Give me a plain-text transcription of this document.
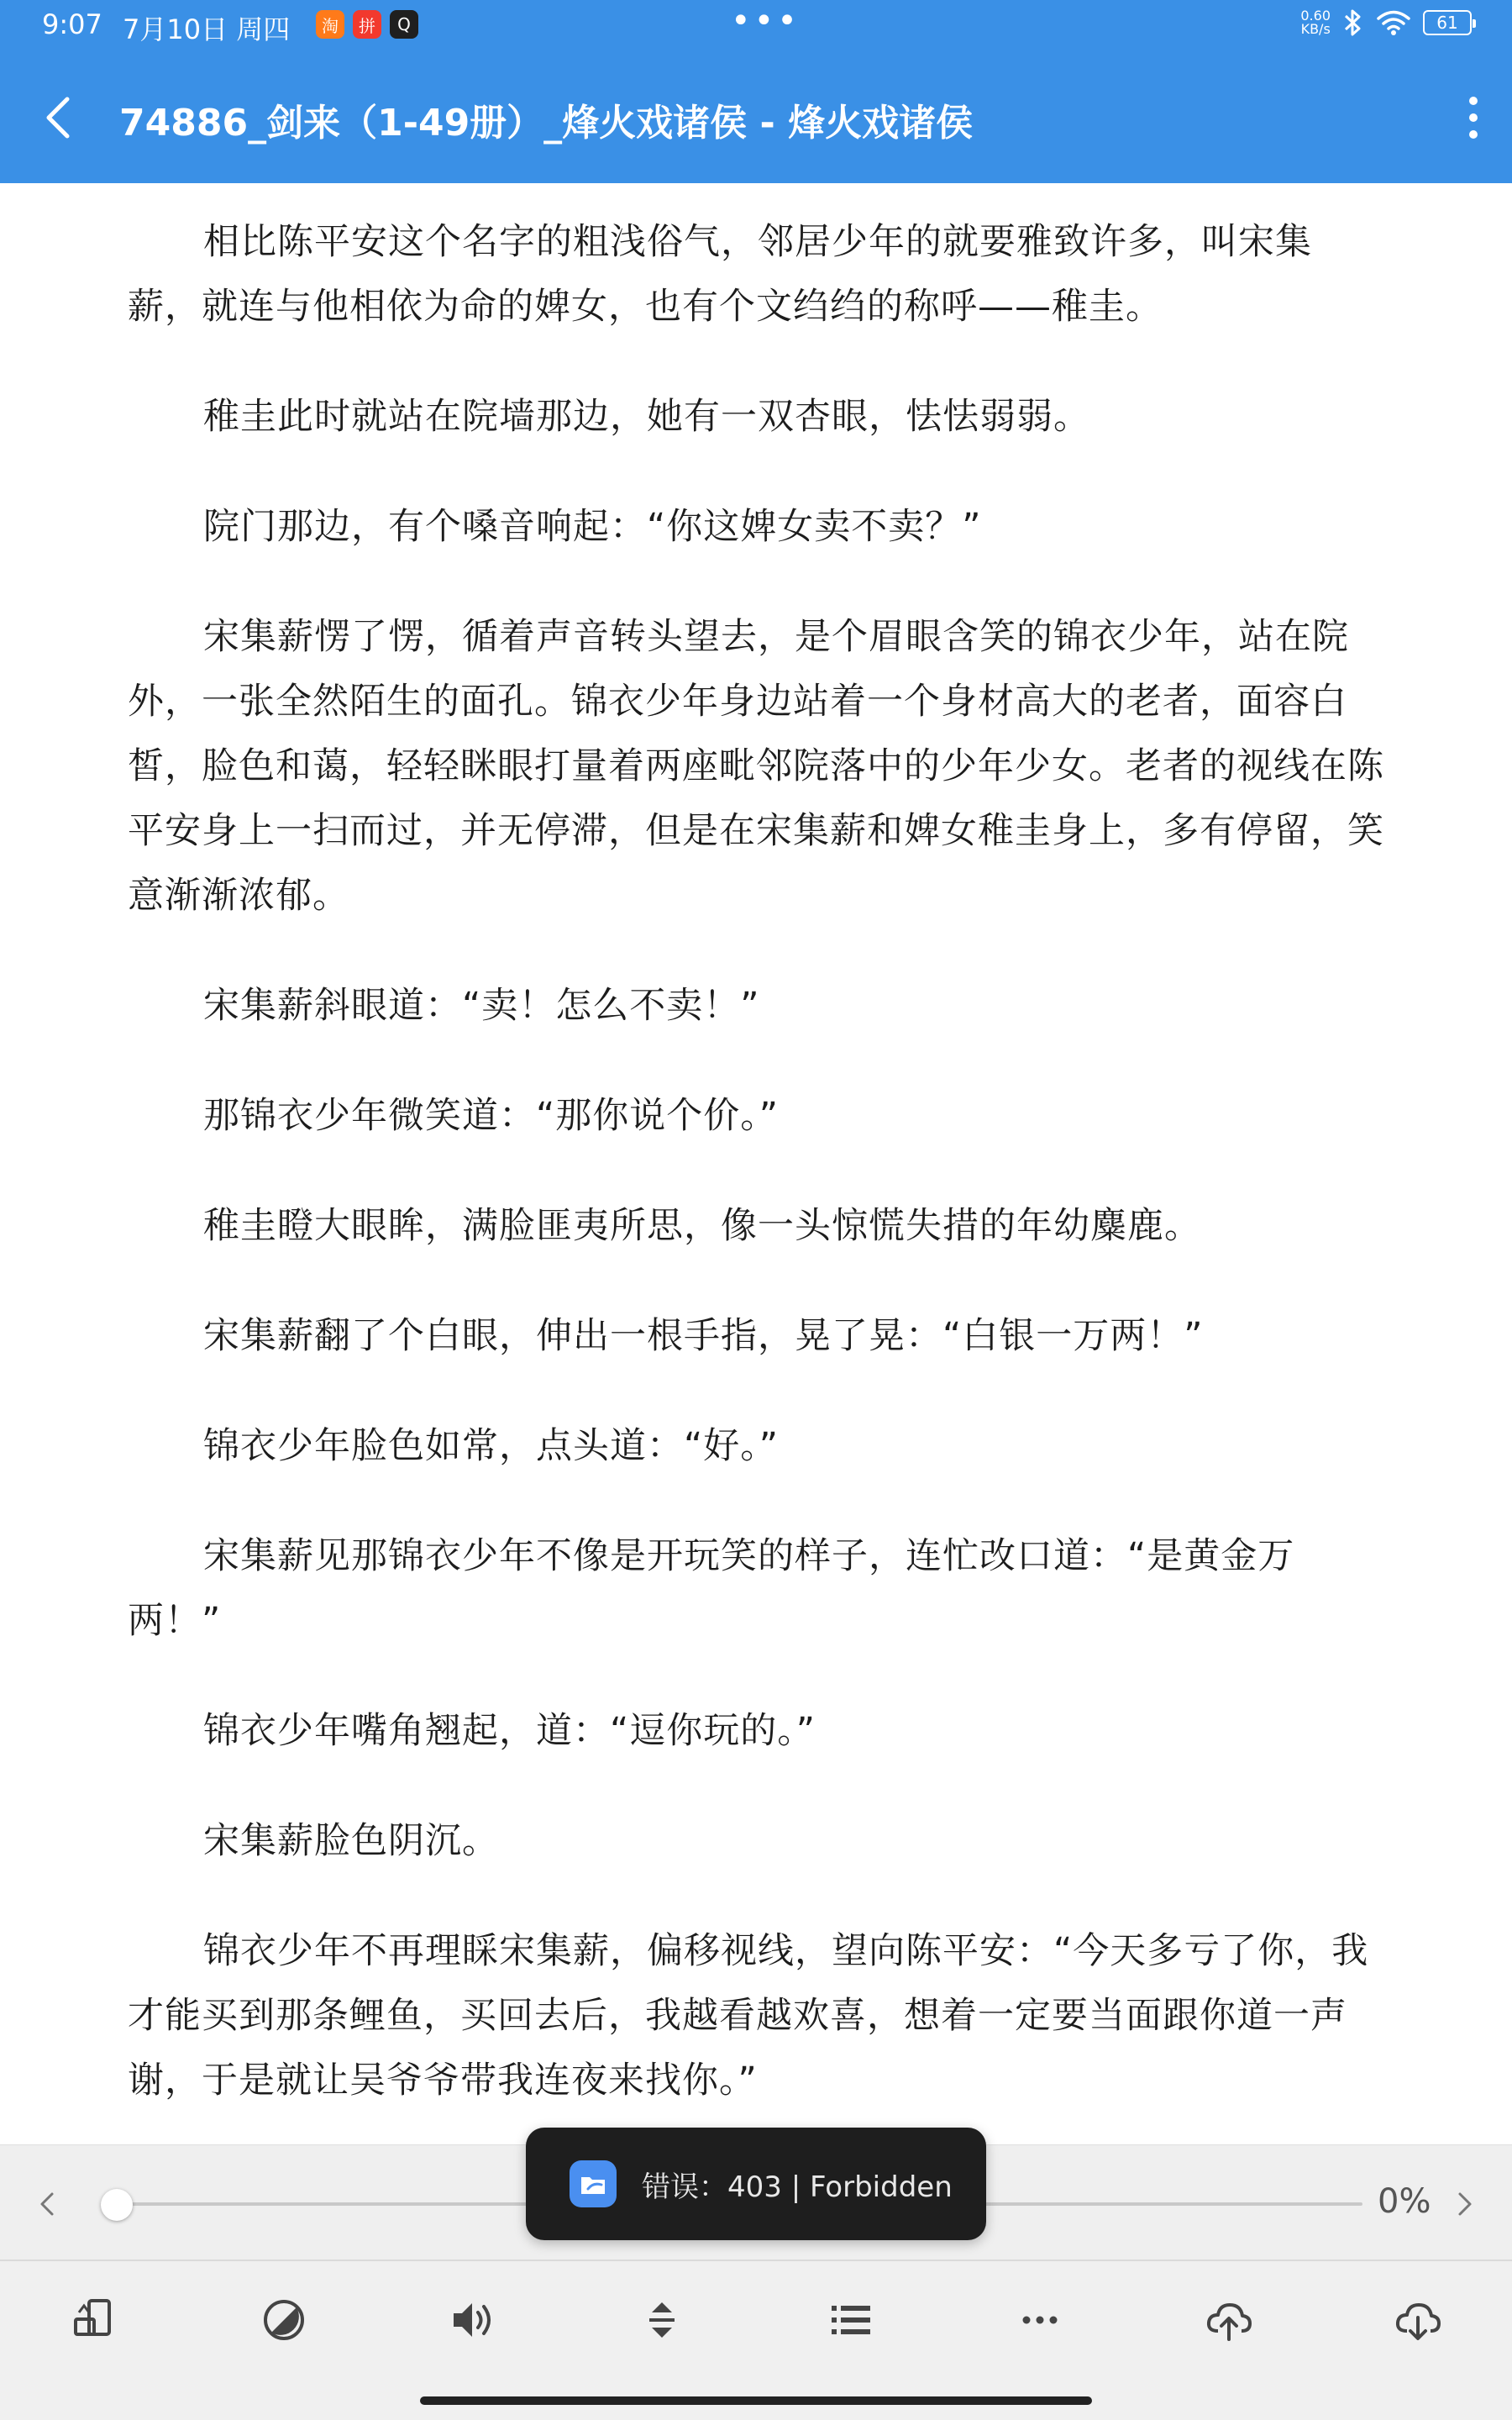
9:07 7月10日 周四	淘	拼	Q	•••	0.60
KB/s	61
74886_剑来（1-49册）_烽火戏诸侯 - 烽火戏诸侯

相比陈平安这个名字的粗浅俗气，邻居少年的就要雅致许多，叫宋集薪，就连与他相依为命的婢女，也有个文绉绉的称呼——稚圭。

稚圭此时就站在院墙那边，她有一双杏眼，怯怯弱弱。

院门那边，有个嗓音响起：“你这婢女卖不卖？”

宋集薪愣了愣，循着声音转头望去，是个眉眼含笑的锦衣少年，站在院外，一张全然陌生的面孔。锦衣少年身边站着一个身材高大的老者，面容白皙，脸色和蔼，轻轻眯眼打量着两座毗邻院落中的少年少女。老者的视线在陈平安身上一扫而过，并无停滞，但是在宋集薪和婢女稚圭身上，多有停留，笑意渐渐浓郁。

宋集薪斜眼道：“卖！怎么不卖！”

那锦衣少年微笑道：“那你说个价。”

稚圭瞪大眼眸，满脸匪夷所思，像一头惊慌失措的年幼麋鹿。

宋集薪翻了个白眼，伸出一根手指，晃了晃：“白银一万两！”

锦衣少年脸色如常，点头道：“好。”

宋集薪见那锦衣少年不像是开玩笑的样子，连忙改口道：“是黄金万两！”

锦衣少年嘴角翘起，道：“逗你玩的。”

宋集薪脸色阴沉。

锦衣少年不再理睬宋集薪，偏移视线，望向陈平安：“今天多亏了你，我才能买到那条鲤鱼，买回去后，我越看越欢喜，想着一定要当面跟你道一声谢，于是就让吴爷爷带我连夜来找你。”

0%
错误：403 | Forbidden
